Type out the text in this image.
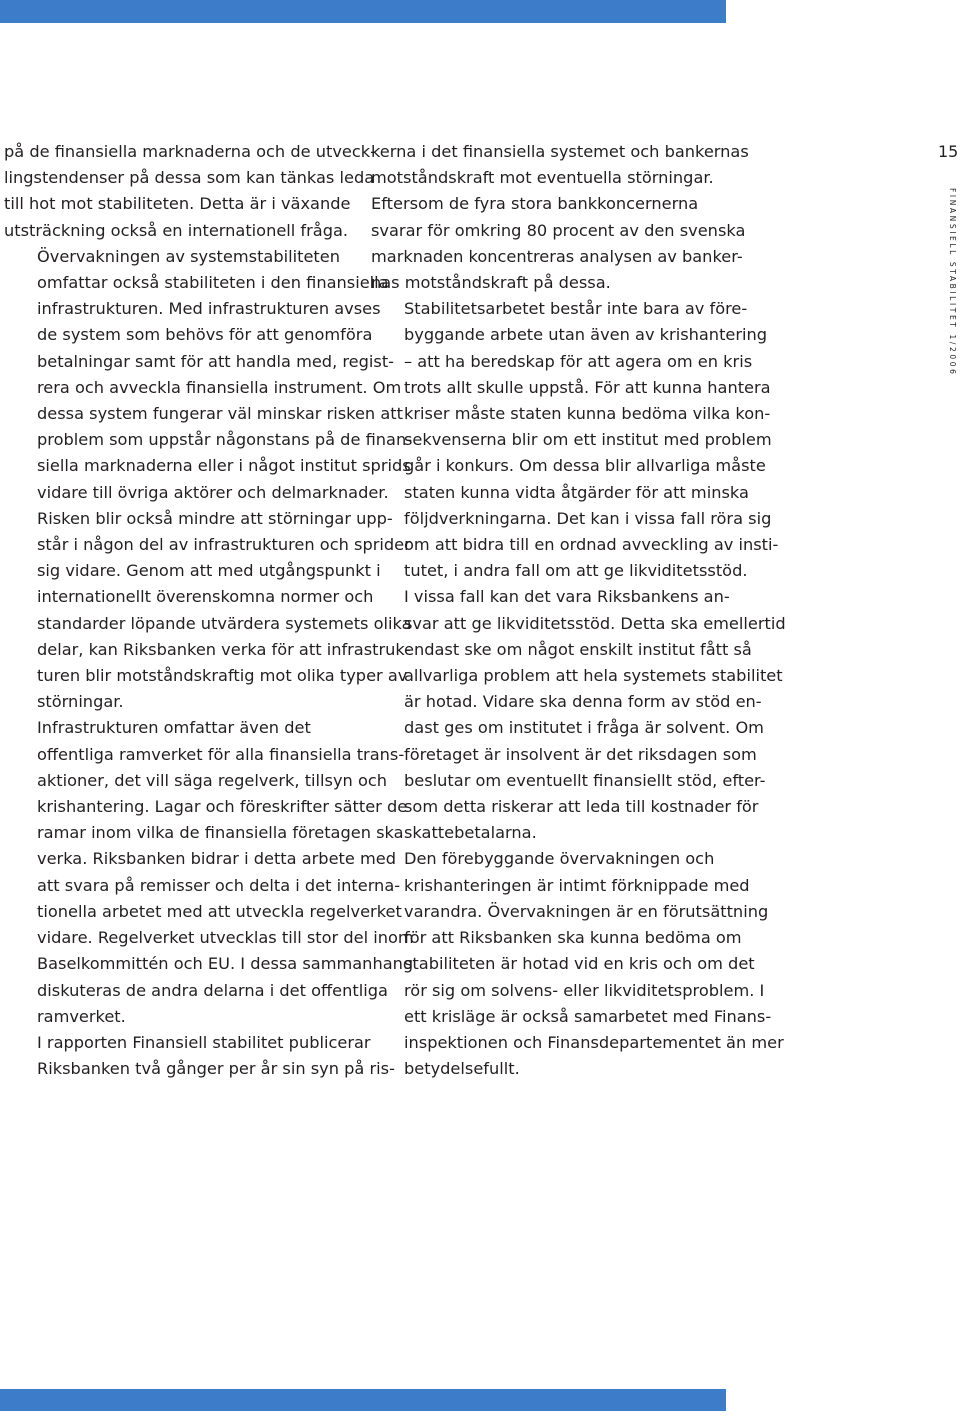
på de finansiella marknaderna och de utveck-
lingstendenser på dessa som kan tänkas leda
till hot mot stabiliteten. Detta är i växande
utsträckning också en internationell fråga.

Övervakningen av systemstabiliteten
omfattar också stabiliteten i den finansiella
infrastrukturen. Med infrastrukturen avses
de system som behövs för att genomföra
betalningar samt för att handla med, regist-
rera och avveckla finansiella instrument. Om
dessa system fungerar väl minskar risken att
problem som uppstår någonstans på de finan-
siella marknaderna eller i något institut sprids
vidare till övriga aktörer och delmarknader.
Risken blir också mindre att störningar upp-
står i någon del av infrastrukturen och sprider
sig vidare. Genom att med utgångspunkt i
internationellt överenskomna normer och
standarder löpande utvärdera systemets olika
delar, kan Riksbanken verka för att infrastruk-
turen blir motståndskraftig mot olika typer av
störningar.

Infrastrukturen omfattar även det
offentliga ramverket för alla finansiella trans-
aktioner, det vill säga regelverk, tillsyn och
krishantering. Lagar och föreskrifter sätter de
ramar inom vilka de finansiella företagen ska
verka. Riksbanken bidrar i detta arbete med
att svara på remisser och delta i det interna-
tionella arbetet med att utveckla regelverket
vidare. Regelverket utvecklas till stor del inom
Baselkommittén och EU. I dessa sammanhang
diskuteras de andra delarna i det offentliga
ramverket.

I rapporten Finansiell stabilitet publicerar
Riksbanken två gånger per år sin syn på ris-

kerna i det finansiella systemet och bankernas
motståndskraft mot eventuella störningar.
Eftersom de fyra stora bankkoncernerna
svarar för omkring 80 procent av den svenska
marknaden koncentreras analysen av banker-
nas motståndskraft på dessa.

Stabilitetsarbetet består inte bara av före-
byggande arbete utan även av krishantering
– att ha beredskap för att agera om en kris
trots allt skulle uppstå. För att kunna hantera
kriser måste staten kunna bedöma vilka kon-
sekvenserna blir om ett institut med problem
går i konkurs. Om dessa blir allvarliga måste
staten kunna vidta åtgärder för att minska
följdverkningarna. Det kan i vissa fall röra sig
om att bidra till en ordnad avveckling av insti-
tutet, i andra fall om att ge likviditetsstöd.

I vissa fall kan det vara Riksbankens an-
svar att ge likviditetsstöd. Detta ska emellertid
endast ske om något enskilt institut fått så
allvarliga problem att hela systemets stabilitet
är hotad. Vidare ska denna form av stöd en-
dast ges om institutet i fråga är solvent. Om
företaget är insolvent är det riksdagen som
beslutar om eventuellt finansiellt stöd, efter-
som detta riskerar att leda till kostnader för
skattebetalarna.

Den förebyggande övervakningen och
krishanteringen är intimt förknippade med
varandra. Övervakningen är en förutsättning
för att Riksbanken ska kunna bedöma om
stabiliteten är hotad vid en kris och om det
rör sig om solvens- eller likviditetsproblem. I
ett krisläge är också samarbetet med Finans-
inspektionen och Finansdepartementet än mer
betydelsefullt.

15
FINANSIELL STABILITET 1/2006
